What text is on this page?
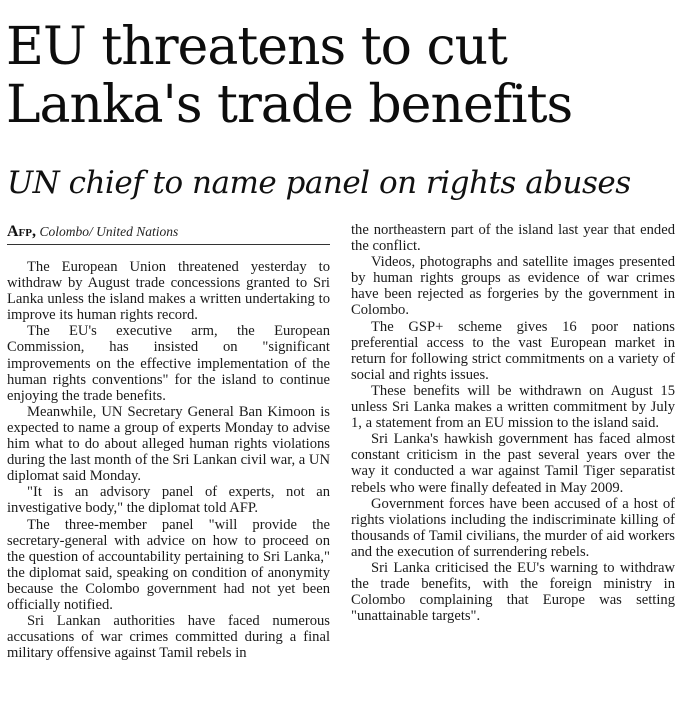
EU threatens to cut Lanka's trade benefits
UN chief to name panel on rights abuses
Afp, Colombo/ United Nations

The European Union threatened yesterday to withdraw by August trade concessions granted to Sri Lanka unless the island makes a written undertaking to improve its human rights record.

The EU's executive arm, the European Commission, has insisted on "significant improvements on the effective implementation of the human rights conventions" for the island to continue enjoying the trade benefits.

Meanwhile, UN Secretary General Ban Kimoon is expected to name a group of experts Monday to advise him what to do about alleged human rights violations during the last month of the Sri Lankan civil war, a UN diplomat said Monday.

"It is an advisory panel of experts, not an investigative body," the diplomat told AFP.

The three-member panel "will provide the secretary-general with advice on how to proceed on the question of accountability pertaining to Sri Lanka," the diplomat said, speaking on condition of anonymity because the Colombo government had not yet been officially notified.

Sri Lankan authorities have faced numerous accusations of war crimes committed during a final military offensive against Tamil rebels in

the northeastern part of the island last year that ended the conflict.

Videos, photographs and satellite images presented by human rights groups as evidence of war crimes have been rejected as forgeries by the government in Colombo.

The GSP+ scheme gives 16 poor nations preferential access to the vast European market in return for following strict commitments on a variety of social and rights issues.

These benefits will be withdrawn on August 15 unless Sri Lanka makes a written commitment by July 1, a statement from an EU mission to the island said.

Sri Lanka's hawkish government has faced almost constant criticism in the past several years over the way it conducted a war against Tamil Tiger separatist rebels who were finally defeated in May 2009.

Government forces have been accused of a host of rights violations including the indiscriminate killing of thousands of Tamil civilians, the murder of aid workers and the execution of surrendering rebels.

Sri Lanka criticised the EU's warning to withdraw the trade benefits, with the foreign ministry in Colombo complaining that Europe was setting "unattainable targets".
